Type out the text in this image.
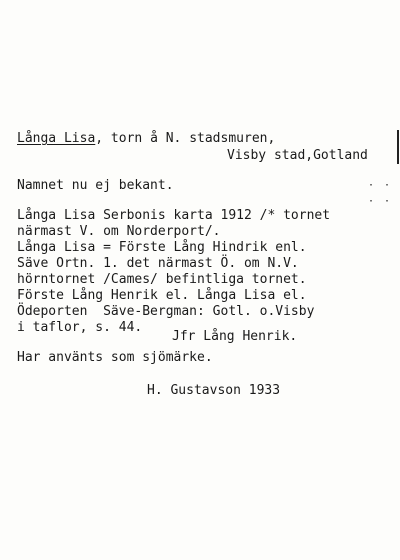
Långa Lisa, torn å N. stadsmuren,
Visby stad,Gotland
Namnet nu ej bekant.	· · · ·
Långa Lisa Serbonis karta 1912 /* tornet
närmast V. om Norderport/.
Långa Lisa = Förste Lång Hindrik enl.
Säve Ortn. 1. det närmast Ö. om N.V.
hörntornet /Cames/ befintliga tornet.
Förste Lång Henrik el. Långa Lisa el.
Ödeporten  Säve-Bergman: Gotl. o.Visby
i taflor, s. 44.
Jfr Lång Henrik.
Har använts som sjömärke.
H. Gustavson 1933
